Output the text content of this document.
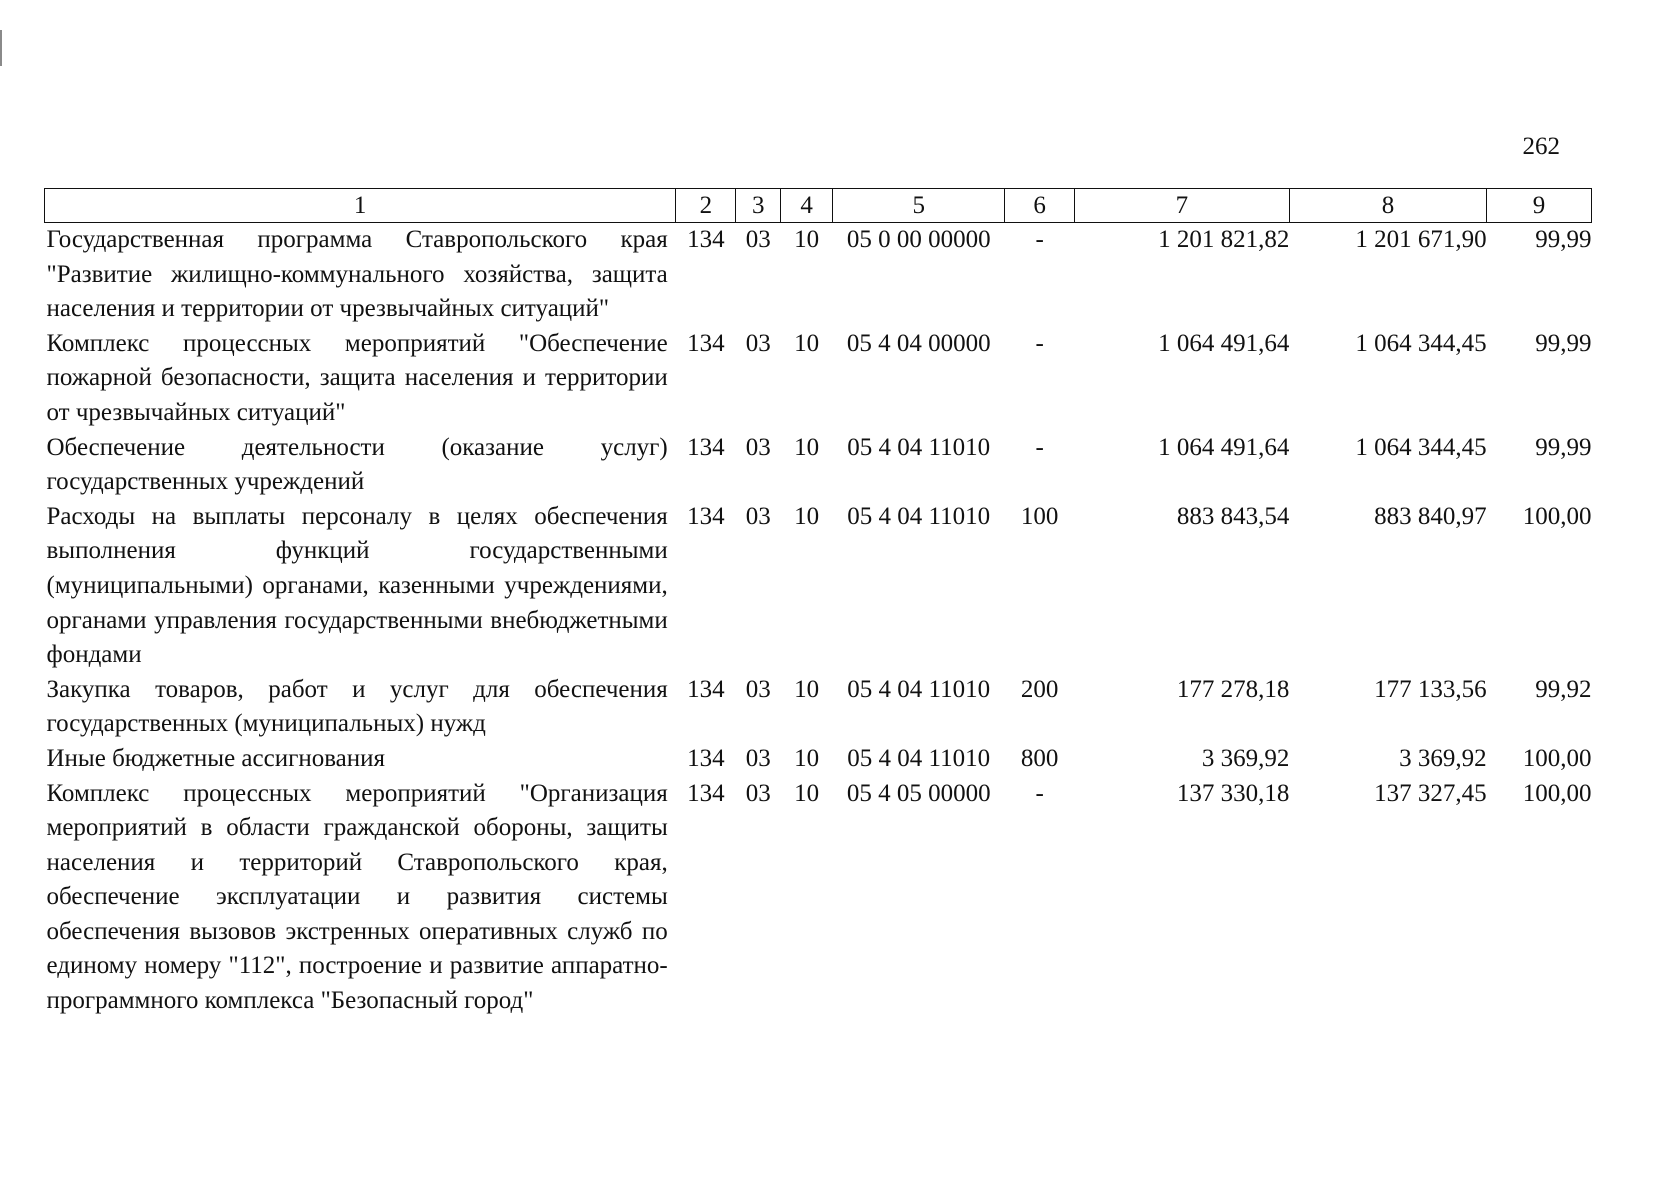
262
1	2	3	4	5	6	7	8	9
Государственная программа Ставропольского края "Развитие жилищно-коммунального хозяйства, защита населения и территории от чрезвычайных ситуаций"	134	03	10	05 0 00 00000	-	1 201 821,82	1 201 671,90	99,99
Комплекс процессных мероприятий "Обеспечение пожарной безопасности, защита населения и территории от чрезвычайных ситуаций"	134	03	10	05 4 04 00000	-	1 064 491,64	1 064 344,45	99,99
Обеспечение деятельности (оказание услуг) государственных учреждений	134	03	10	05 4 04 11010	-	1 064 491,64	1 064 344,45	99,99
Расходы на выплаты персоналу в целях обеспечения выполнения функций государственными (муниципальными) органами, казенными учреждениями, органами управления государственными внебюджетными фондами	134	03	10	05 4 04 11010	100	883 843,54	883 840,97	100,00
Закупка товаров, работ и услуг для обеспечения государственных (муниципальных) нужд	134	03	10	05 4 04 11010	200	177 278,18	177 133,56	99,92
Иные бюджетные ассигнования	134	03	10	05 4 04 11010	800	3 369,92	3 369,92	100,00
Комплекс процессных мероприятий "Организация мероприятий в области гражданской обороны, защиты населения и территорий Ставропольского края, обеспечение эксплуатации и развития системы обеспечения вызовов экстренных оперативных служб по единому номеру "112", построение и развитие аппаратно-программного комплекса "Безопасный город"	134	03	10	05 4 05 00000	-	137 330,18	137 327,45	100,00
